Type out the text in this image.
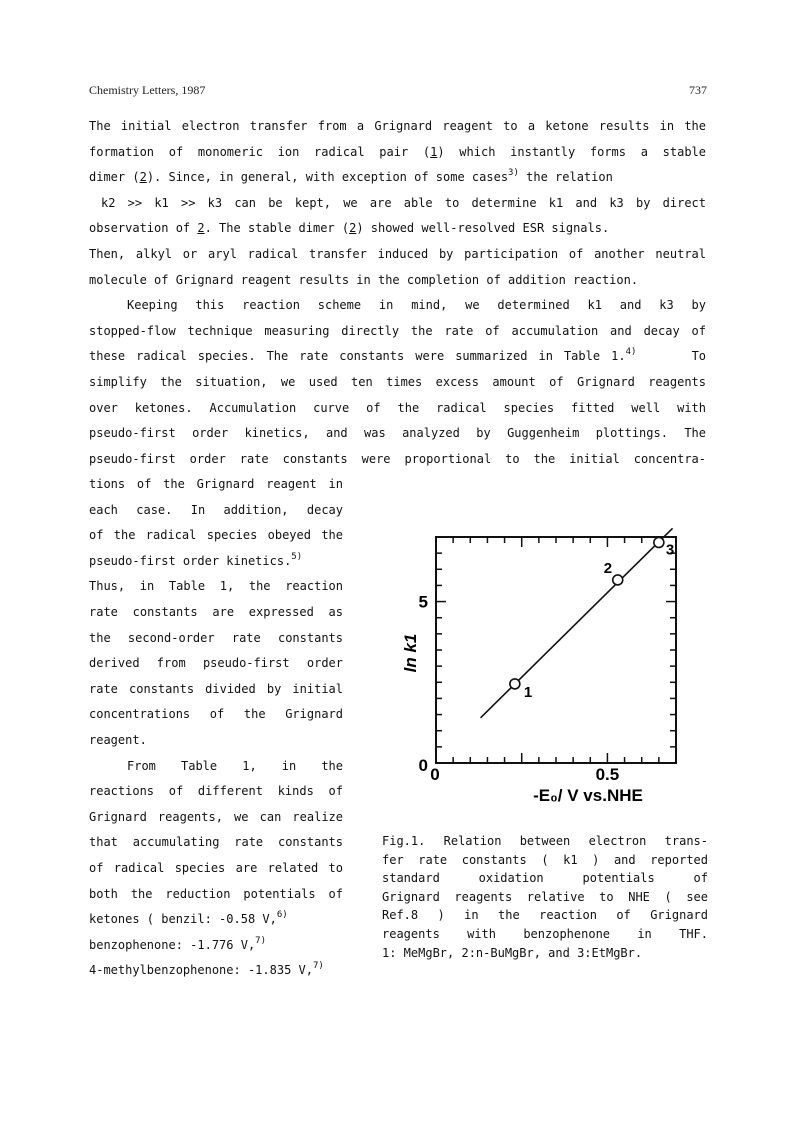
Chemistry Letters, 1987	737

The initial electron transfer from a Grignard reagent to a ketone results in the
formation of monomeric ion radical pair (1) which instantly forms a stable
dimer (2). Since, in general, with exception of some cases$^{3)}$ the relation
k2 >> k1 >> k3 can be kept, we are able to determine k1 and k3 by direct
observation of 2. The stable dimer (2) showed well-resolved ESR signals.
Then, alkyl or aryl radical transfer induced by participation of another neutral
molecule of Grignard reagent results in the completion of addition reaction.

Keeping this reaction scheme in mind, we determined k1 and k3 by
stopped-flow technique measuring directly the rate of accumulation and decay of
these radical species. The rate constants were summarized in Table 1.$^{4)}$	To
simplify the situation, we used ten times excess amount of Grignard reagents
over ketones. Accumulation curve of the radical species fitted well with
pseudo-first order kinetics, and was analyzed by Guggenheim plottings. The
pseudo-first order rate constants were proportional to the initial concentra-

tions of the Grignard reagent in
each case. In addition, decay
of the radical species obeyed the
pseudo-first order kinetics.$^{5)}$
Thus, in Table 1, the reaction
rate constants are expressed as
the second-order rate constants
derived from pseudo-first order
rate constants divided by initial
concentrations of the Grignard
reagent.
From Table 1, in the
reactions of different kinds of
Grignard reagents, we can realize
that accumulating rate constants
of radical species are related to
both the reduction potentials of
ketones ( benzil: -0.58 V,$^{6)}$
benzophenone: -1.776 V,$^{7)}$
4-methylbenzophenone: -1.835 V,$^{7)}$
1
2
3
0
5
0	0.5
ln k1
-E₀/ V vs.NHE
Fig.1. Relation between electron trans-
fer rate constants ( k1 ) and reported
standard oxidation potentials of
Grignard reagents relative to NHE ( see
Ref.8 ) in the reaction of Grignard
reagents with benzophenone in THF.
1: MeMgBr, 2:n-BuMgBr, and 3:EtMgBr.
